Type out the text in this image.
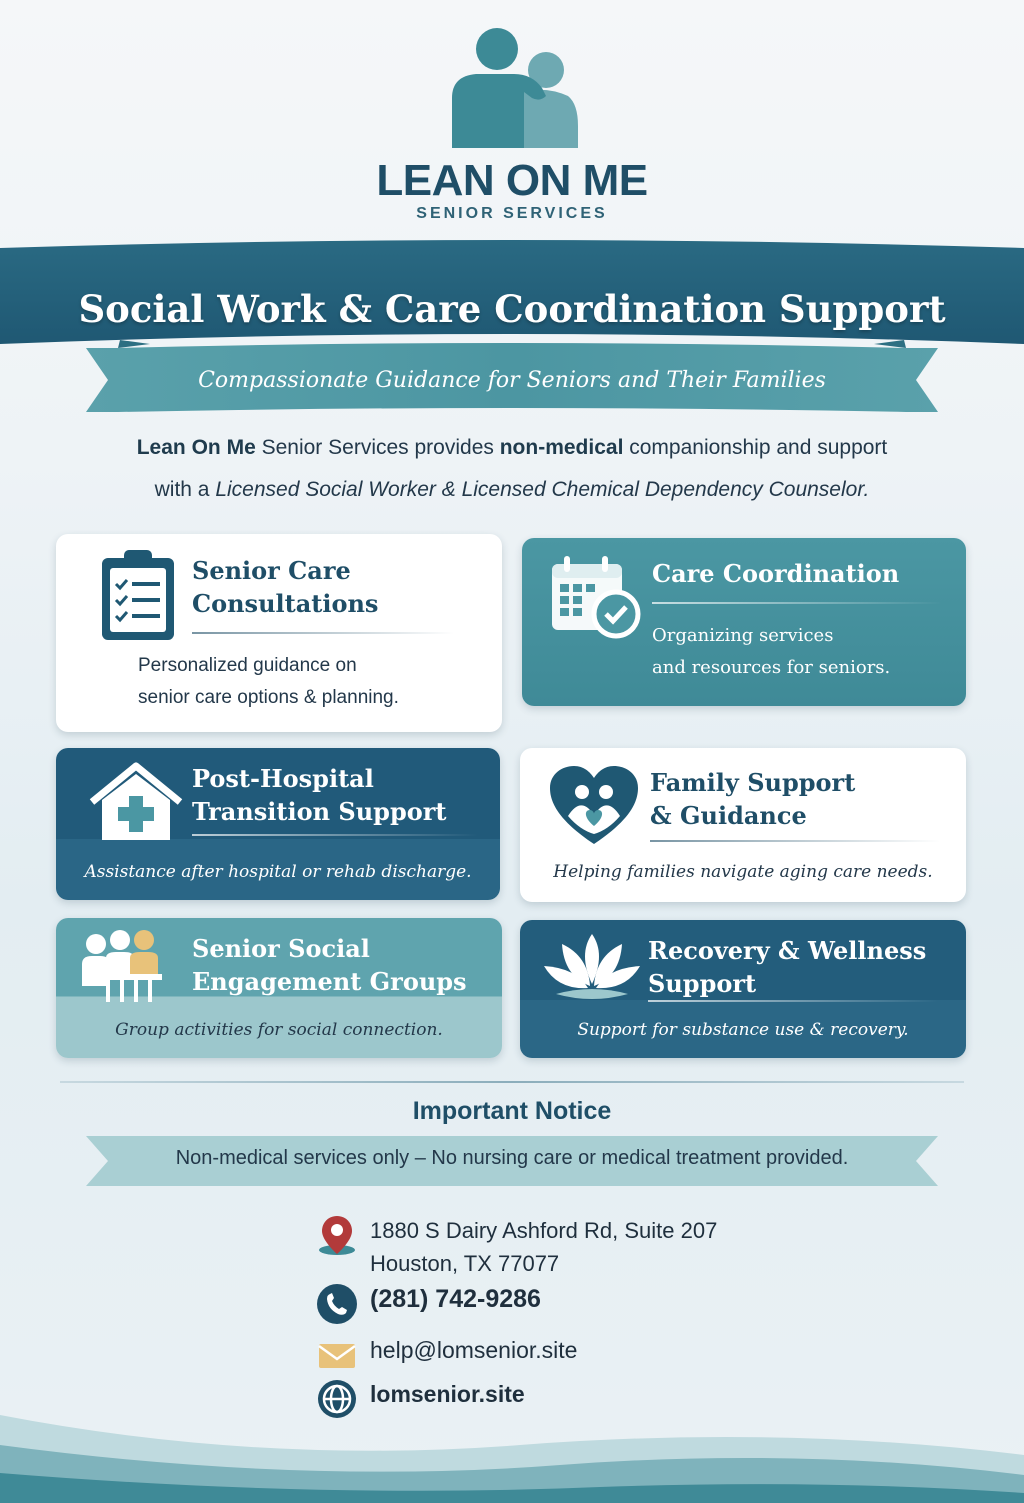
LEAN ON ME
SENIOR SERVICES
Social Work & Care Coordination Support
Compassionate Guidance for Seniors and Their Families
Lean On Me Senior Services provides non-medical companionship and support
with a Licensed Social Worker & Licensed Chemical Dependency Counselor.
Senior Care
Consultations
Personalized guidance on
senior care options & planning.
Care Coordination
Organizing services
and resources for seniors.
Post-Hospital
Transition Support
Assistance after hospital or rehab discharge.
Family Support
& Guidance
Helping families navigate aging care needs.
Senior Social
Engagement Groups
Group activities for social connection.
Recovery & Wellness
Support
Support for substance use & recovery.
Important Notice
Non-medical services only – No nursing care or medical treatment provided.
1880 S Dairy Ashford Rd, Suite 207
Houston, TX 77077
(281) 742-9286
help@lomsenior.site
lomsenior.site
